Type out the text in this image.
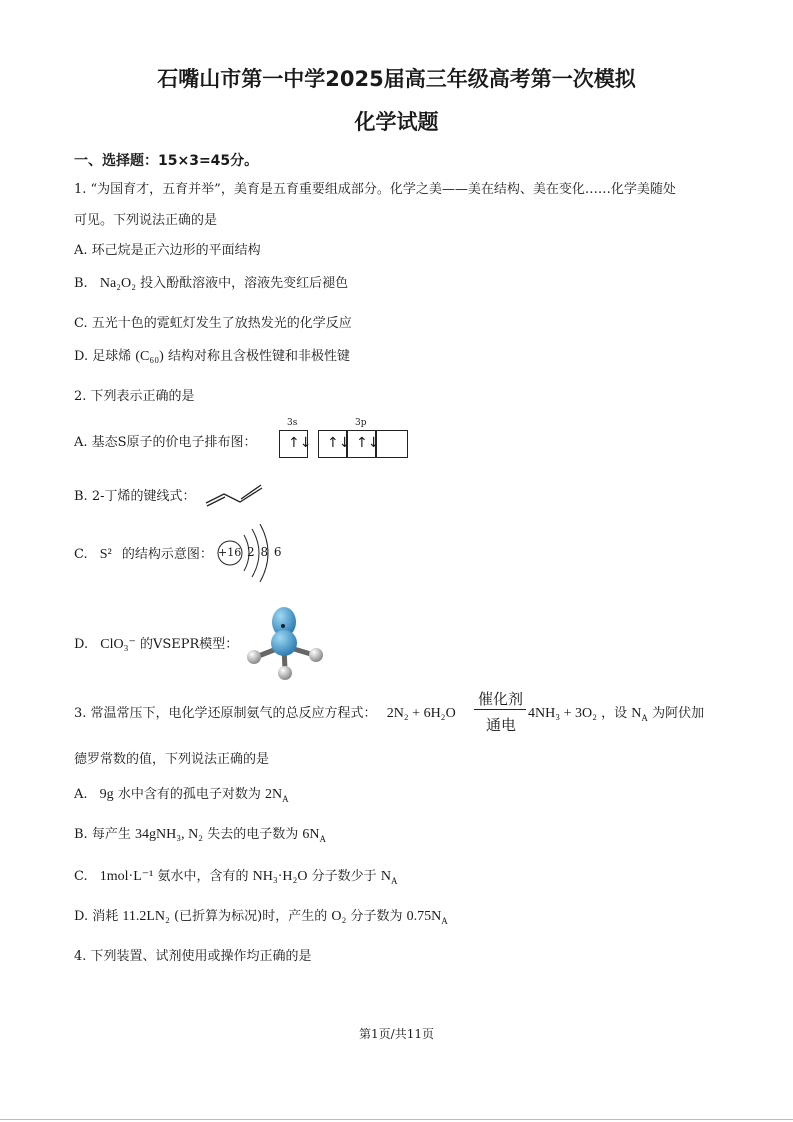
石嘴山市第一中学2025届高三年级高考第一次模拟
化学试题
一、选择题：15×3=45分。
1. “为国育才，五育并举”，美育是五育重要组成部分。化学之美——美在结构、美在变化……化学美随处
可见。下列说法正确的是
A. 环己烷是正六边形的平面结构
B. Na₂O₂ 投入酚酞溶液中，溶液先变红后褪色
C. 五光十色的霓虹灯发生了放热发光的化学反应
D. 足球烯 (C₆₀) 结构对称且含极性键和非极性键
2. 下列表示正确的是
A. 基态S原子的价电子排布图：
3s	3p
↑↓ ↑↓ ↑↓
B. 2-丁烯的键线式：
C. S² 的结构示意图： +16 2 8 6
D. ClO₃⁻ 的VSEPR模型：
3. 常温常压下，电化学还原制氨气的总反应方程式： 2N₂ + 6H₂O
催化剂
通电
4NH₃ + 3O₂ ，设 $N_A$ 为阿伏加
德罗常数的值，下列说法正确的是
A. 9g 水中含有的孤电子对数为 $2N_A$
B. 每产生 34gNH₃, N₂ 失去的电子数为 $6N_A$
C. 1mol·L⁻¹ 氨水中，含有的 NH₃·H₂O 分子数少于 $N_A$
D. 消耗 11.2LN₂ (已折算为标况)时，产生的 O₂ 分子数为 $0.75N_A$
4. 下列装置、试剂使用或操作均正确的是
第1页/共11页
